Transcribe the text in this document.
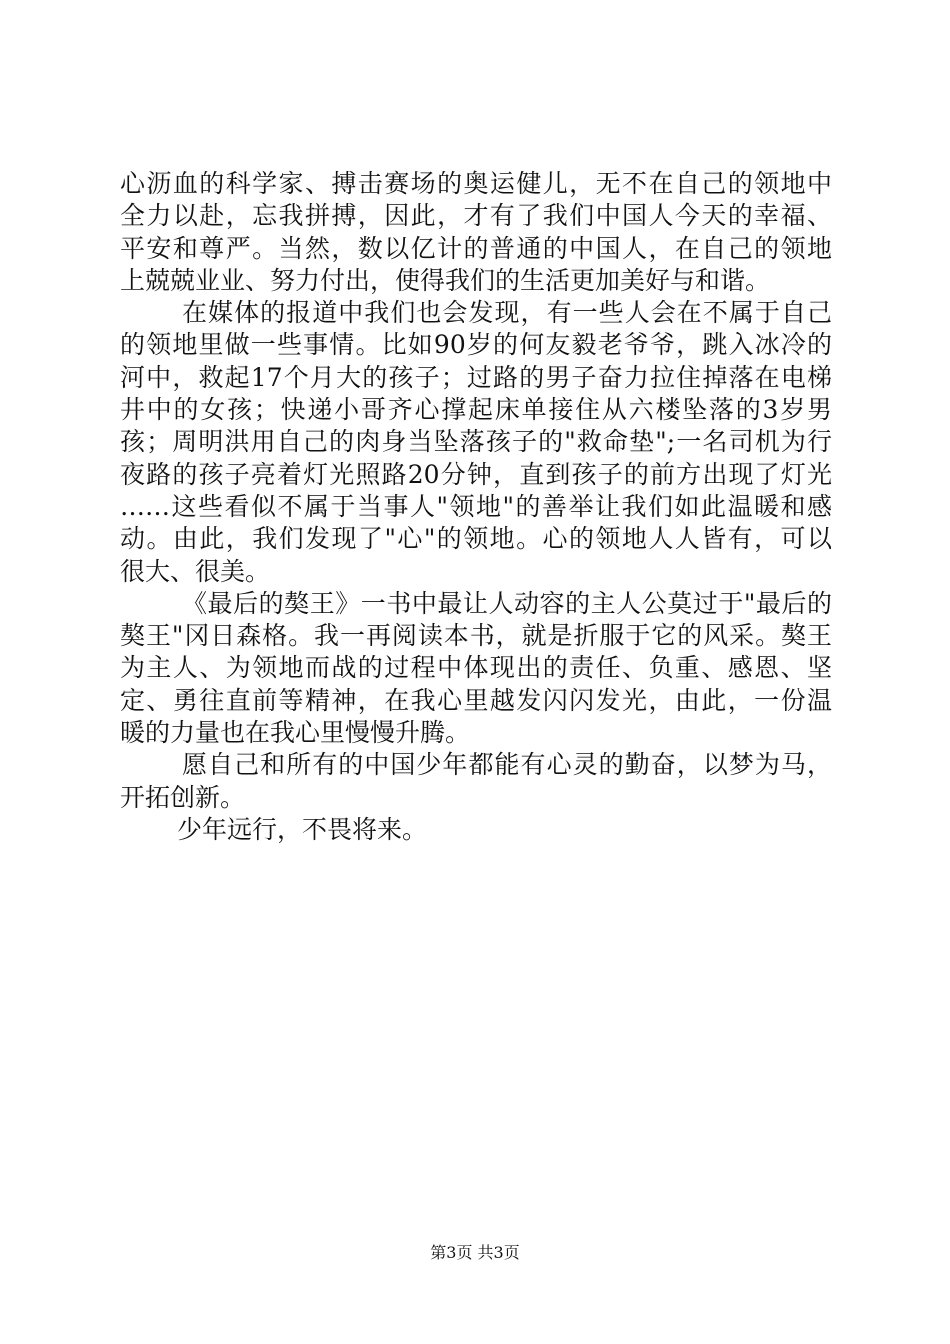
心沥血的科学家、搏击赛场的奥运健儿，无不在自己的领地中
全力以赴，忘我拼搏，因此，才有了我们中国人今天的幸福、
平安和尊严。当然，数以亿计的普通的中国人，在自己的领地
上兢兢业业、努力付出，使得我们的生活更加美好与和谐。
在媒体的报道中我们也会发现，有一些人会在不属于自己
的领地里做一些事情。比如90岁的何友毅老爷爷，跳入冰冷的
河中，救起17个月大的孩子；过路的男子奋力拉住掉落在电梯
井中的女孩；快递小哥齐心撑起床单接住从六楼坠落的3岁男
孩；周明洪用自己的肉身当坠落孩子的"救命垫";一名司机为行
夜路的孩子亮着灯光照路20分钟，直到孩子的前方出现了灯光
……这些看似不属于当事人"领地"的善举让我们如此温暖和感
动。由此，我们发现了"心"的领地。心的领地人人皆有，可以
很大、很美。
《最后的獒王》一书中最让人动容的主人公莫过于"最后的
獒王"冈日森格。我一再阅读本书，就是折服于它的风采。獒王
为主人、为领地而战的过程中体现出的责任、负重、感恩、坚
定、勇往直前等精神，在我心里越发闪闪发光，由此，一份温
暖的力量也在我心里慢慢升腾。
愿自己和所有的中国少年都能有心灵的勤奋，以梦为马，
开拓创新。
少年远行，不畏将来。
第3页 共3页
